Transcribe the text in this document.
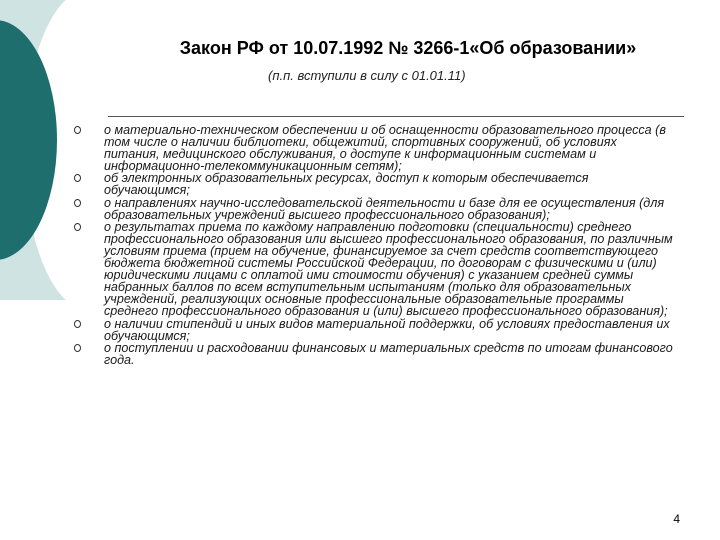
Закон РФ от 10.07.1992 № 3266-1«Об образовании»
(п.п. вступили в силу с 01.01.11)
о материально-техническом обеспечении и об оснащенности образовательного процесса (в том числе о наличии библиотеки, общежитий, спортивных сооружений, об условиях питания, медицинского обслуживания, о доступе к информационным системам и информационно-телекоммуникационным сетям);
об электронных образовательных ресурсах, доступ к которым обеспечивается обучающимся;
о направлениях научно-исследовательской деятельности и базе для ее осуществления (для образовательных учреждений высшего профессионального образования);
о результатах приема по каждому направлению подготовки (специальности) среднего профессионального образования или высшего профессионального образования, по различным условиям приема (прием на обучение, финансируемое за счет средств соответствующего бюджета бюджетной системы Российской Федерации, по договорам с физическими и (или) юридическими лицами с оплатой ими стоимости обучения) с указанием средней суммы набранных баллов по всем вступительным испытаниям (только для образовательных учреждений, реализующих основные профессиональные образовательные программы среднего профессионального образования и (или) высшего профессионального образования);
о наличии стипендий и иных видов материальной поддержки, об условиях предоставления их обучающимся;
о поступлении и расходовании финансовых и материальных средств по итогам финансового года.
4
